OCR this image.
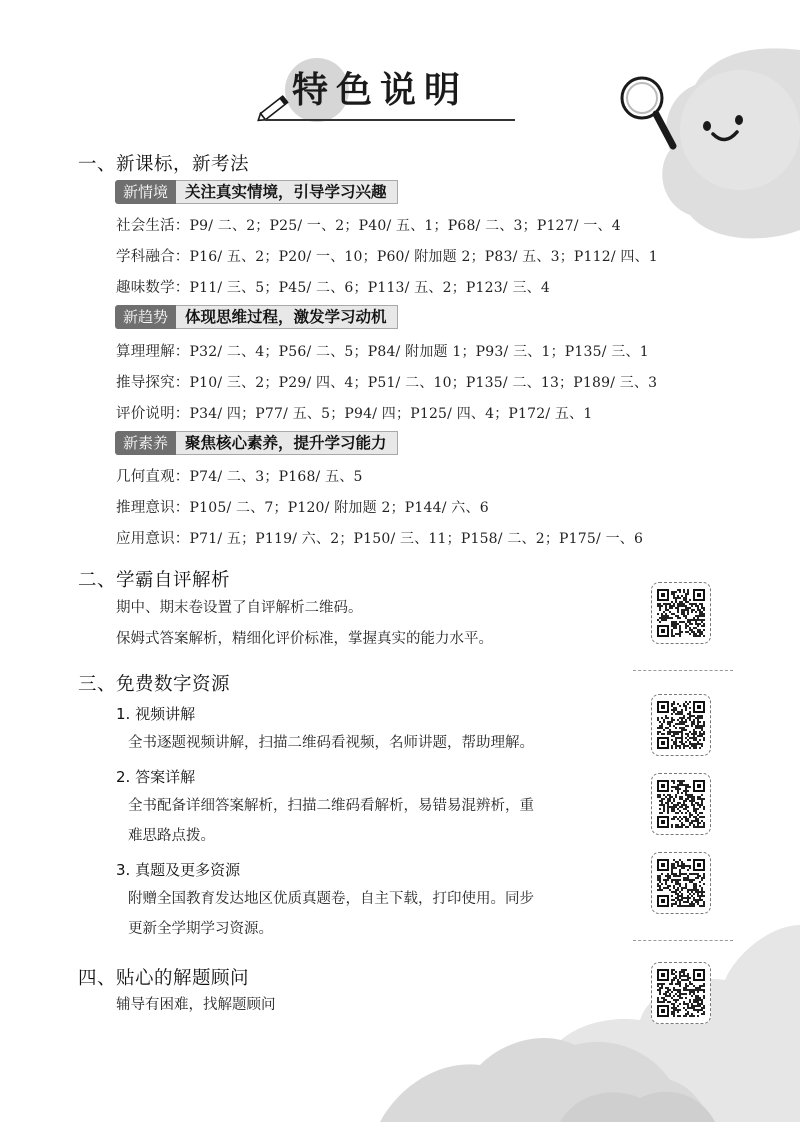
特色说明
一、新课标，新考法
新情境	关注真实情境，引导学习兴趣
社会生活：P9/ 二、2；P25/ 一、2；P40/ 五、1；P68/ 二、3；P127/ 一、4
学科融合：P16/ 五、2；P20/ 一、10；P60/ 附加题 2；P83/ 五、3；P112/ 四、1
趣味数学：P11/ 三、5；P45/ 二、6；P113/ 五、2；P123/ 三、4
新趋势	体现思维过程，激发学习动机
算理理解：P32/ 二、4；P56/ 二、5；P84/ 附加题 1；P93/ 三、1；P135/ 三、1
推导探究：P10/ 三、2；P29/ 四、4；P51/ 二、10；P135/ 二、13；P189/ 三、3
评价说明：P34/ 四；P77/ 五、5；P94/ 四；P125/ 四、4；P172/ 五、1
新素养	聚焦核心素养，提升学习能力
几何直观：P74/ 二、3；P168/ 五、5
推理意识：P105/ 二、7；P120/ 附加题 2；P144/ 六、6
应用意识：P71/ 五；P119/ 六、2；P150/ 三、11；P158/ 二、2；P175/ 一、6
二、学霸自评解析
期中、期末卷设置了自评解析二维码。
保姆式答案解析，精细化评价标准，掌握真实的能力水平。
三、免费数字资源
1. 视频讲解
全书逐题视频讲解，扫描二维码看视频，名师讲题，帮助理解。
2. 答案详解
全书配备详细答案解析，扫描二维码看解析，易错易混辨析，重
难思路点拨。
3. 真题及更多资源
附赠全国教育发达地区优质真题卷，自主下载，打印使用。同步
更新全学期学习资源。
四、贴心的解题顾问
辅导有困难，找解题顾问
